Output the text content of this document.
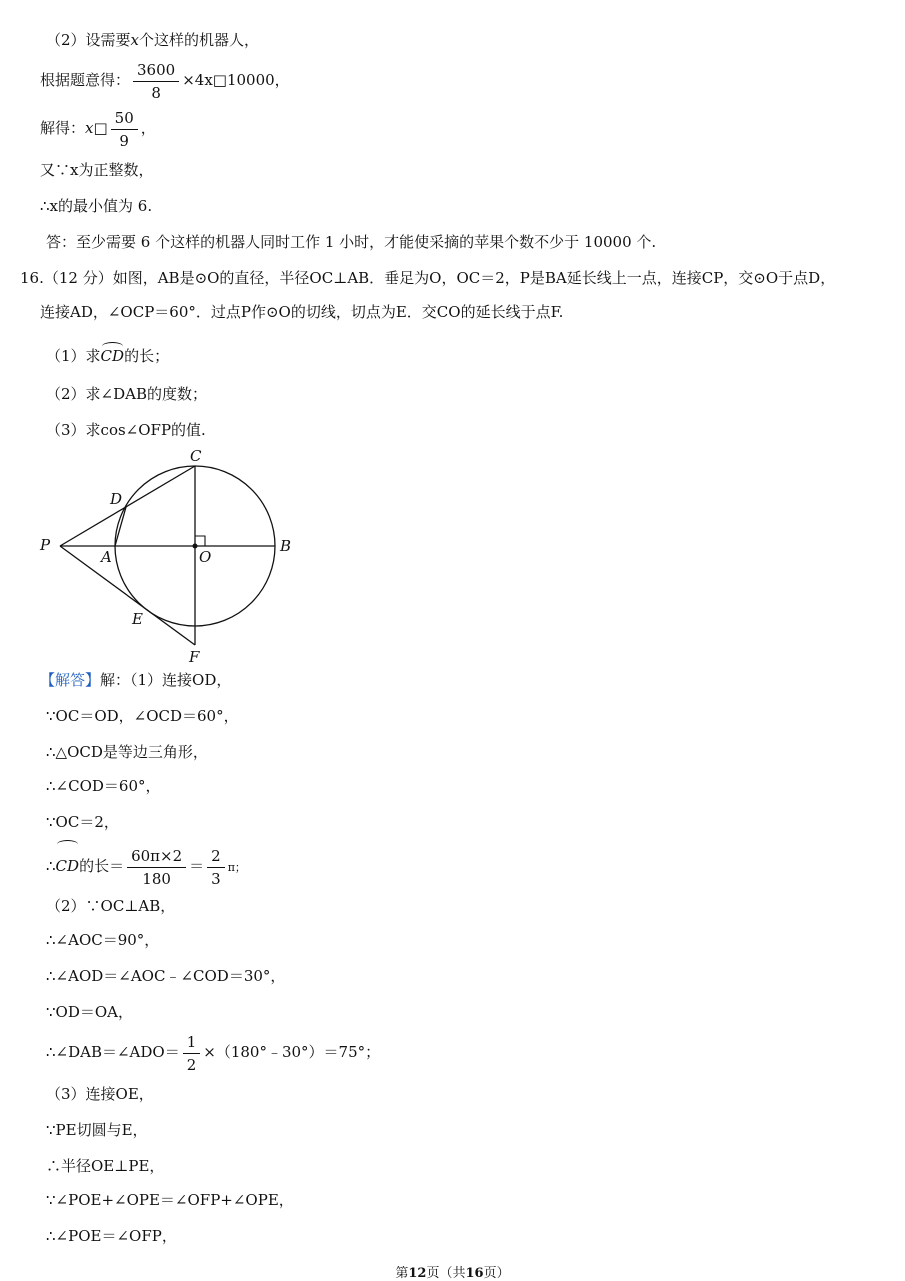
（2）设需要x个这样的机器人，
根据题意得： $\frac{3600}{8}$ ×4x□10000，
解得：x□ $\frac{50}{9}$ ，
又∵x为正整数，
∴x的最小值为 6.
答：至少需要 6 个这样的机器人同时工作 1 小时，才能使采摘的苹果个数不少于 10000 个.
16.（12 分）如图，AB是⊙O的直径，半径OC⊥AB．垂足为O，OC＝2，P是BA延长线上一点，连接CP，交⊙O于点D，
连接AD，∠OCP＝60°．过点P作⊙O的切线，切点为E．交CO的延长线于点F.
（1）求CD的长；
（2）求∠DAB的度数；
（3）求cos∠OFP的值.
C
D
P
A	O
B
E
F
【解答】解：（1）连接OD，
∵OC＝OD，∠OCD＝60°，
∴△OCD是等边三角形，
∴∠COD＝60°，
∵OC＝2，
∴CD的长＝ $\frac{60\pi\times 2}{180} = \frac{2}{3}$ π；
（2）∵OC⊥AB，
∴∠AOC＝90°，
∴∠AOD＝∠AOC﹣∠COD＝30°，
∵OD＝OA，
∴∠DAB＝∠ADO＝ $\frac{1}{2}$ ×（180°﹣30°）＝75°；
（3）连接OE，
∵PE切圆与E，
∴半径OE⊥PE，
∵∠POE+∠OPE＝∠OFP+∠OPE，
∴∠POE＝∠OFP，
第12页（共16页）
